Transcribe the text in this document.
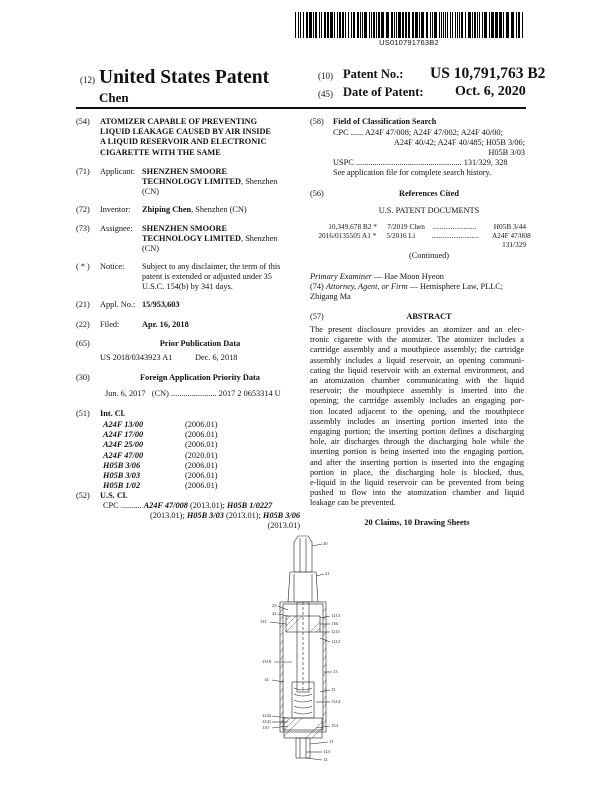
US010791763B2
(12) United States Patent
Chen
(10) Patent No.: US 10,791,763 B2
(45) Date of Patent: Oct. 6, 2020
(54)	ATOMIZER CAPABLE OF PREVENTING
LIQUID LEAKAGE CAUSED BY AIR INSIDE
A LIQUID RESERVOIR AND ELECTRONIC
CIGARETTE WITH THE SAME
(71)	Applicant: SHENZHEN SMOORE
TECHNOLOGY LIMITED, Shenzhen
(CN)
(72)	Inventor: Zhiping Chen, Shenzhen (CN)
(73)	Assignee: SHENZHEN SMOORE
TECHNOLOGY LIMITED, Shenzhen
(CN)
( * )	Notice: Subject to any disclaimer, the term of this
patent is extended or adjusted under 35
U.S.C. 154(b) by 341 days.
(21)	Appl. No.: 15/953,603
(22)	Filed:	Apr. 16, 2018
(65)	Prior Publication Data
US 2018/0343923 A1	Dec. 6, 2018
(30)	Foreign Application Priority Data
Jun. 6, 2017 (CN) ...................... 2017 2 0653314 U
(51)	Int. Cl.
A24F 13/00	(2006.01)
A24F 17/00	(2006.01)
A24F 25/00	(2006.01)
A24F 47/00	(2020.01)
H05B 3/06	(2006.01)
H05B 3/03	(2006.01)
H05B 1/02	(2006.01)
(52)	U.S. Cl.
CPC .......... A24F 47/008 (2013.01); H05B 1/0227
(2013.01); H05B 3/03 (2013.01); H05B 3/06
(2013.01)
(58) Field of Classification Search
CPC ...... A24F 47/008; A24F 47/002; A24F 40/00;
A24F 40/42; A24F 40/485; H05B 3/06;
H05B 3/03
USPC ................................................... 131/329, 328
See application file for complete search history.
(56)	References Cited
U.S. PATENT DOCUMENTS
10,349,678 B2 *	7/2019 Chen	........................	H05B 3/44
2016/0135505 A1 *	5/2016 Li	..........................	A24F 47/008
131/329
(Continued)
Primary Examiner — Hae Moon Hyeon
(74) Attorney, Agent, or Firm — Hemisphere Law, PLLC;
Zhigang Ma
(57)	ABSTRACT
The present disclosure provides an atomizer and an elec-
tronic cigarette with the atomizer. The atomizer includes a
cartridge assembly and a mouthpiece assembly; the cartridge
assembly includes a liquid reservoir, an opening communi-
cating the liquid reservoir with an external environment, and
an atomization chamber communicating with the liquid
reservoir; the mouthpiece assembly is inserted into the
opening; the cartridge assembly includes an engaging por-
tion located adjacent to the opening, and the mouthpiece
assembly includes an inserting portion inserted into the
engaging portion; the inserting portion defines a discharging
hole, air discharges through the discharging hole while the
inserting portion is being inserted into the engaging portion,
and after the inserting portion is inserted into the engaging
portion in place, the discharging hole is blocked, thus,
e-liquid in the liquid reservoir can be prevented from being
pushed to flow into the atomization chamber and liquid
leakage can be prevented.
20 Claims, 10 Drawing Sheets
20
21
23
22
141
1213
136
1211
1212
1319
13
14
15
1314
1242
1241
110	154
11
123
12
